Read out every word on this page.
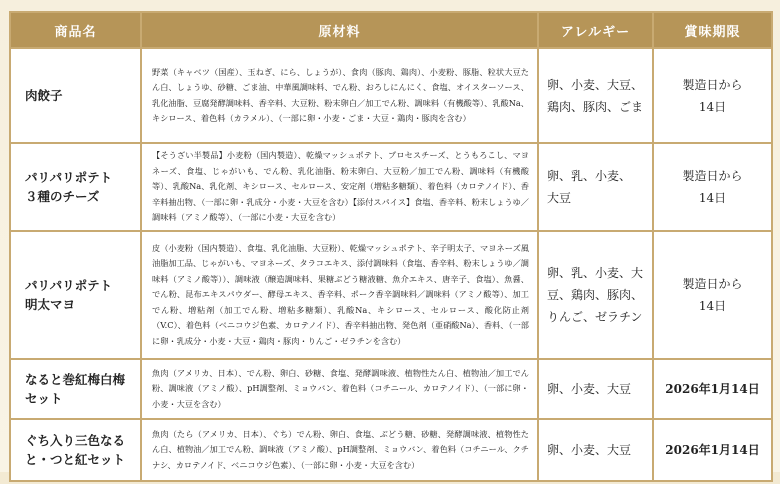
商品名	原材料	アレルギー	賞味期限
肉餃子	野菜（キャベツ（国産）、玉ねぎ、にら、しょうが）、食肉（豚肉、鶏肉）、小麦粉、豚脂、粒状大豆たん白、しょうゆ、砂糖、ごま油、中華風調味料、でん粉、おろしにんにく、食塩、オイスターソース、乳化油脂、豆腐発酵調味料、香辛料、大豆粉、粉末卵白／加工でん粉、調味料（有機酸等）、乳酸Na、キシロース、着色料（カラメル）、（一部に卵・小麦・ごま・大豆・鶏肉・豚肉を含む）	卵、小麦、大豆、鶏肉、豚肉、ごま	製造日から14日
パリパリポテト３種のチーズ	【そうざい半製品】小麦粉（国内製造）、乾燥マッシュポテト、プロセスチーズ、とうもろこし、マヨネーズ、食塩、じゃがいも、でん粉、乳化油脂、粉末卵白、大豆粉／加工でん粉、調味料（有機酸等）、乳酸Na、乳化剤、キシロース、セルロース、安定剤（増粘多糖類）、着色料（カロテノイド）、香辛料抽出物、（一部に卵・乳成分・小麦・大豆を含む）【添付スパイス】食塩、香辛料、粉末しょうゆ／調味料（アミノ酸等）、（一部に小麦・大豆を含む）	卵、乳、小麦、大豆	製造日から14日
パリパリポテト明太マヨ	皮（小麦粉（国内製造）、食塩、乳化油脂、大豆粉）、乾燥マッシュポテト、辛子明太子、マヨネーズ風油脂加工品、じゃがいも、マヨネーズ、タラコエキス、添付調味料（食塩、香辛料、粉末しょうゆ／調味料（アミノ酸等））、調味液（醸造調味料、果糖ぶどう糖液糖、魚介エキス、唐辛子、食塩）、魚醤、でん粉、昆布エキスパウダー、酵母エキス、香辛料、ポーク香辛調味料／調味料（アミノ酸等）、加工でん粉、増粘剤（加工でん粉、増粘多糖類）、乳酸Na、キシロース、セルロース、酸化防止剤（V.C）、着色料（ベニコウジ色素、カロテノイド）、香辛料抽出物、発色剤（亜硝酸Na）、香料、（一部に卵・乳成分・小麦・大豆・鶏肉・豚肉・りんご・ゼラチンを含む）	卵、乳、小麦、大豆、鶏肉、豚肉、りんご、ゼラチン	製造日から14日
なると巻紅梅白梅セット	魚肉（アメリカ、日本）、でん粉、卵白、砂糖、食塩、発酵調味液、植物性たん白、植物油／加工でん粉、調味液（アミノ酸）、pH調整剤、ミョウバン、着色料（コチニール、カロテノイド）、（一部に卵・小麦・大豆を含む）	卵、小麦、大豆	2026年1月14日
ぐち入り三色なると・つと紅セット	魚肉（たら（アメリカ、日本）、ぐち）でん粉、卵白、食塩、ぶどう糖、砂糖、発酵調味液、植物性たん白、植物油／加工でん粉、調味液（アミノ酸）、pH調整剤、ミョウバン、着色料（コチニール、クチナシ、カロテノイド、ベニコウジ色素）、（一部に卵・小麦・大豆を含む）	卵、小麦、大豆	2026年1月14日
